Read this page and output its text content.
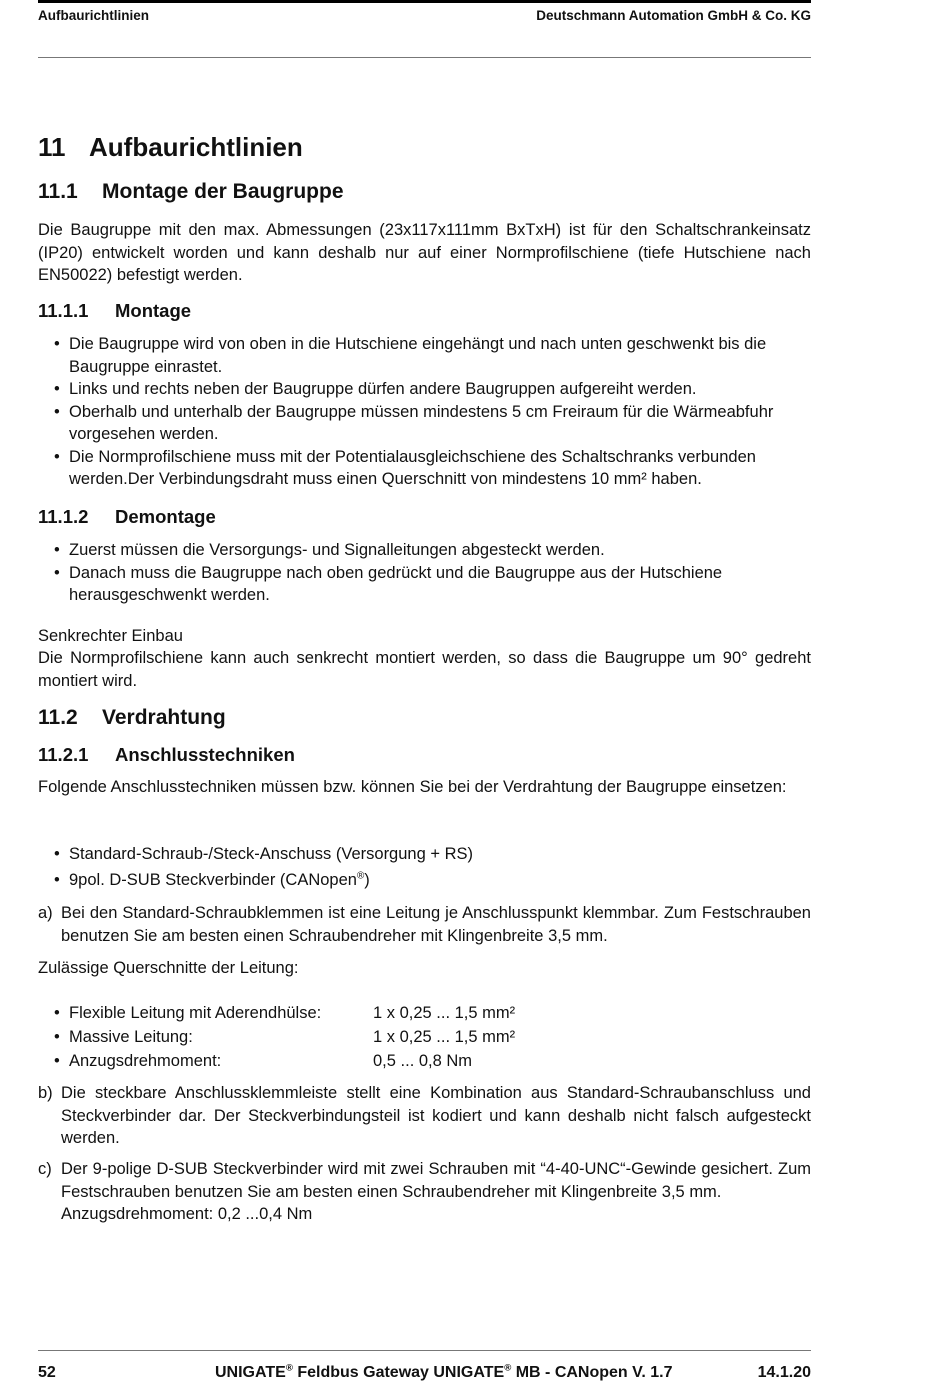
Aufbaurichtlinien	Deutschmann Automation GmbH & Co. KG
11 Aufbaurichtlinien
11.1 Montage der Baugruppe
Die Baugruppe mit den max. Abmessungen (23x117x111mm BxTxH) ist für den Schaltschrankeinsatz (IP20) entwickelt worden und kann deshalb nur auf einer Normprofilschiene (tiefe Hutschiene nach EN50022) befestigt werden.
11.1.1 Montage
• Die Baugruppe wird von oben in die Hutschiene eingehängt und nach unten geschwenkt bis die Baugruppe einrastet.
• Links und rechts neben der Baugruppe dürfen andere Baugruppen aufgereiht werden.
• Oberhalb und unterhalb der Baugruppe müssen mindestens 5 cm Freiraum für die Wärmeabfuhr vorgesehen werden.
• Die Normprofilschiene muss mit der Potentialausgleichschiene des Schaltschranks verbunden werden.Der Verbindungsdraht muss einen Querschnitt von mindestens 10 mm² haben.
11.1.2 Demontage
• Zuerst müssen die Versorgungs- und Signalleitungen abgesteckt werden.
• Danach muss die Baugruppe nach oben gedrückt und die Baugruppe aus der Hutschiene herausgeschwenkt werden.
Senkrechter Einbau
Die Normprofilschiene kann auch senkrecht montiert werden, so dass die Baugruppe um 90° gedreht montiert wird.
11.2 Verdrahtung
11.2.1 Anschlusstechniken
Folgende Anschlusstechniken müssen bzw. können Sie bei der Verdrahtung der Baugruppe einsetzen:
• Standard-Schraub-/Steck-Anschuss (Versorgung + RS)
• 9pol. D-SUB Steckverbinder (CANopen®)
a) Bei den Standard-Schraubklemmen ist eine Leitung je Anschlusspunkt klemmbar. Zum Festschrauben benutzen Sie am besten einen Schraubendreher mit Klingenbreite 3,5 mm.
Zulässige Querschnitte der Leitung:
• Flexible Leitung mit Aderendhülse:	1 x 0,25 ... 1,5 mm²
• Massive Leitung:	1 x 0,25 ... 1,5 mm²
• Anzugsdrehmoment:	0,5 ... 0,8 Nm
b) Die steckbare Anschlussklemmleiste stellt eine Kombination aus Standard-Schraubanschluss und Steckverbinder dar. Der Steckverbindungsteil ist kodiert und kann deshalb nicht falsch aufgesteckt werden.
c) Der 9-polige D-SUB Steckverbinder wird mit zwei Schrauben mit “4-40-UNC“-Gewinde gesichert. Zum Festschrauben benutzen Sie am besten einen Schraubendreher mit Klingenbreite 3,5 mm.
Anzugsdrehmoment: 0,2 ...0,4 Nm
52	UNIGATE® Feldbus Gateway UNIGATE® MB - CANopen V. 1.7	14.1.20
